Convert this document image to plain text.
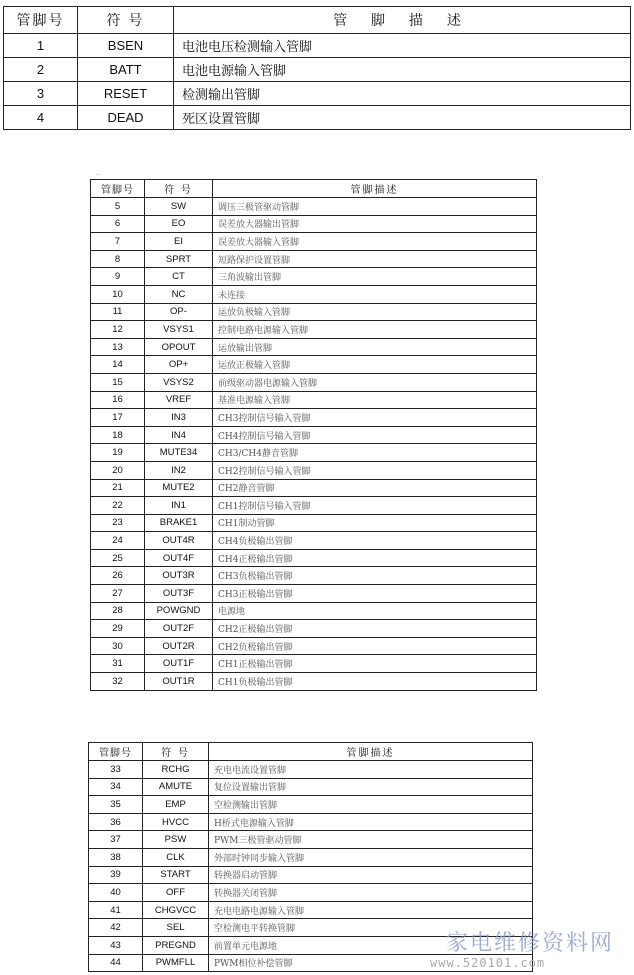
管脚号	符 号	管 脚 描 述
1	BSEN	电池电压检测输入管脚
2	BATT	电池电源输入管脚
3	RESET	检测输出管脚
4	DEAD	死区设置管脚
··
管脚号	符 号	管脚描述
5	SW	调压三极管驱动管脚
6	EO	误差放大器输出管脚
7	EI	误差放大器输入管脚
8	SPRT	短路保护设置管脚
9	CT	三角波输出管脚
10	NC	未连接
11	OP-	运放负极输入管脚
12	VSYS1	控制电路电源输入管脚
13	OPOUT	运放输出管脚
14	OP+	运放正极输入管脚
15	VSYS2	前级驱动器电源输入管脚
16	VREF	基准电源输入管脚
17	IN3	CH3控制信号输入管脚
18	IN4	CH4控制信号输入管脚
19	MUTE34	CH3/CH4静音管脚
20	IN2	CH2控制信号输入管脚
21	MUTE2	CH2静音管脚
22	IN1	CH1控制信号输入管脚
23	BRAKE1	CH1制动管脚
24	OUT4R	CH4负极输出管脚
25	OUT4F	CH4正极输出管脚
26	OUT3R	CH3负极输出管脚
27	OUT3F	CH3正极输出管脚
28	POWGND	电源地
29	OUT2F	CH2正极输出管脚
30	OUT2R	CH2负极输出管脚
31	OUT1F	CH1正极输出管脚
32	OUT1R	CH1负极输出管脚
管脚号	符 号	管脚描述
33	RCHG	充电电流设置管脚
34	AMUTE	复位设置输出管脚
35	EMP	空检测输出管脚
36	HVCC	H桥式电源输入管脚
37	PSW	PWM三极管驱动管脚
38	CLK	外部时钟同步输入管脚
39	START	转换器启动管脚
40	OFF	转换器关闭管脚
41	CHGVCC	充电电路电源输入管脚
42	SEL	空检测电平转换管脚
43	PREGND	前置单元电源地
44	PWMFLL	PWM相位补偿管脚
家电维修资料网
www.520101.com
